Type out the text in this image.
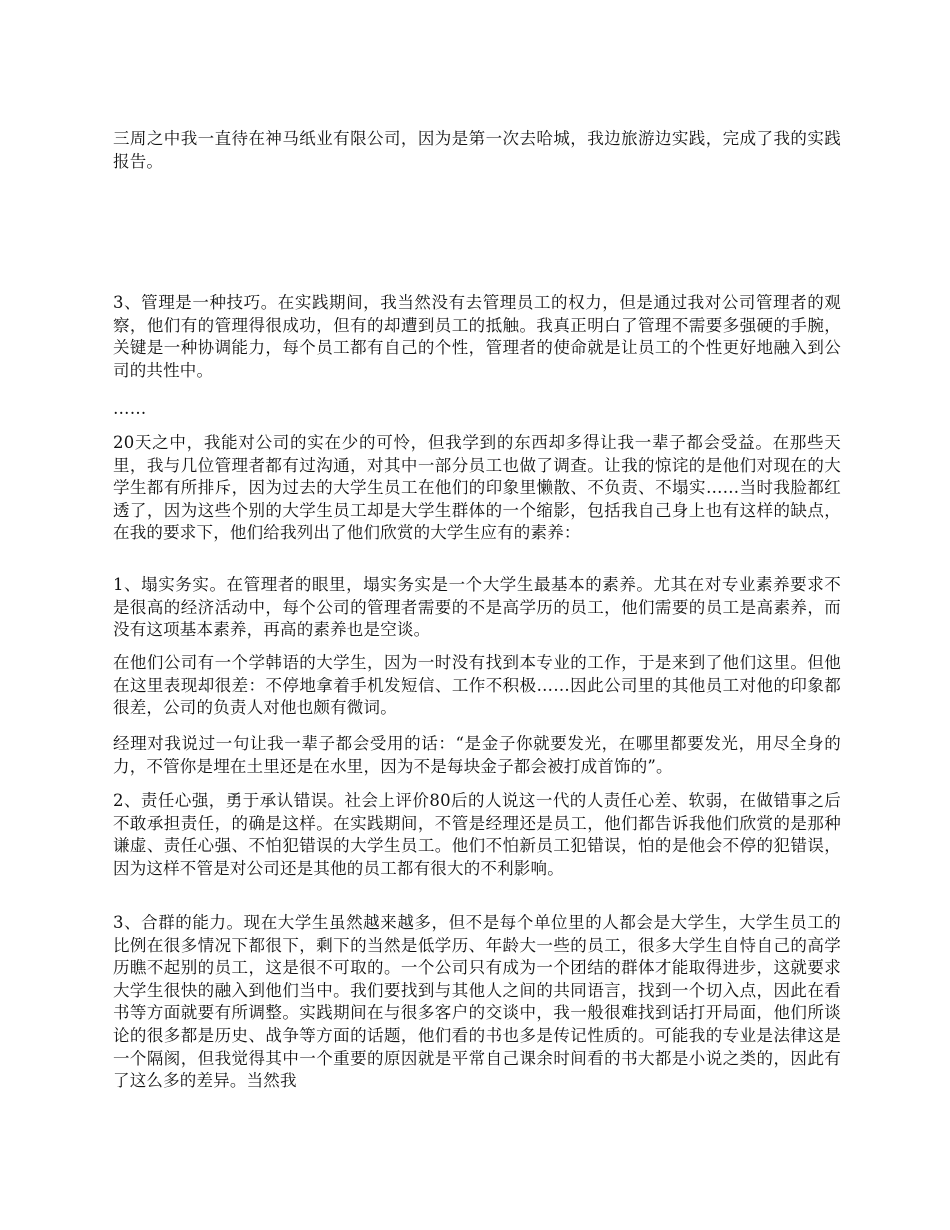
三周之中我一直待在神马纸业有限公司，因为是第一次去哈城，我边旅游边实践，完成了我的实践报告。

3、管理是一种技巧。在实践期间，我当然没有去管理员工的权力，但是通过我对公司管理者的观察，他们有的管理得很成功，但有的却遭到员工的抵触。我真正明白了管理不需要多强硬的手腕，关键是一种协调能力，每个员工都有自己的个性，管理者的使命就是让员工的个性更好地融入到公司的共性中。

……

20天之中，我能对公司的实在少的可怜，但我学到的东西却多得让我一辈子都会受益。在那些天里，我与几位管理者都有过沟通，对其中一部分员工也做了调查。让我的惊诧的是他们对现在的大学生都有所排斥，因为过去的大学生员工在他们的印象里懒散、不负责、不塌实……当时我脸都红透了，因为这些个别的大学生员工却是大学生群体的一个缩影，包括我自己身上也有这样的缺点，在我的要求下，他们给我列出了他们欣赏的大学生应有的素养：

1、塌实务实。在管理者的眼里，塌实务实是一个大学生最基本的素养。尤其在对专业素养要求不是很高的经济活动中，每个公司的管理者需要的不是高学历的员工，他们需要的员工是高素养，而没有这项基本素养，再高的素养也是空谈。

在他们公司有一个学韩语的大学生，因为一时没有找到本专业的工作，于是来到了他们这里。但他在这里表现却很差：不停地拿着手机发短信、工作不积极……因此公司里的其他员工对他的印象都很差，公司的负责人对他也颇有微词。

经理对我说过一句让我一辈子都会受用的话：“是金子你就要发光，在哪里都要发光，用尽全身的力，不管你是埋在土里还是在水里，因为不是每块金子都会被打成首饰的”。

2、责任心强，勇于承认错误。社会上评价80后的人说这一代的人责任心差、软弱，在做错事之后不敢承担责任，的确是这样。在实践期间，不管是经理还是员工，他们都告诉我他们欣赏的是那种谦虚、责任心强、不怕犯错误的大学生员工。他们不怕新员工犯错误，怕的是他会不停的犯错误，因为这样不管是对公司还是其他的员工都有很大的不利影响。

3、合群的能力。现在大学生虽然越来越多，但不是每个单位里的人都会是大学生，大学生员工的比例在很多情况下都很下，剩下的当然是低学历、年龄大一些的员工，很多大学生自恃自己的高学历瞧不起别的员工，这是很不可取的。一个公司只有成为一个团结的群体才能取得进步，这就要求大学生很快的融入到他们当中。我们要找到与其他人之间的共同语言，找到一个切入点，因此在看书等方面就要有所调整。实践期间在与很多客户的交谈中，我一般很难找到话打开局面，他们所谈论的很多都是历史、战争等方面的话题，他们看的书也多是传记性质的。可能我的专业是法律这是一个隔阂，但我觉得其中一个重要的原因就是平常自己课余时间看的书大都是小说之类的，因此有了这么多的差异。当然我
